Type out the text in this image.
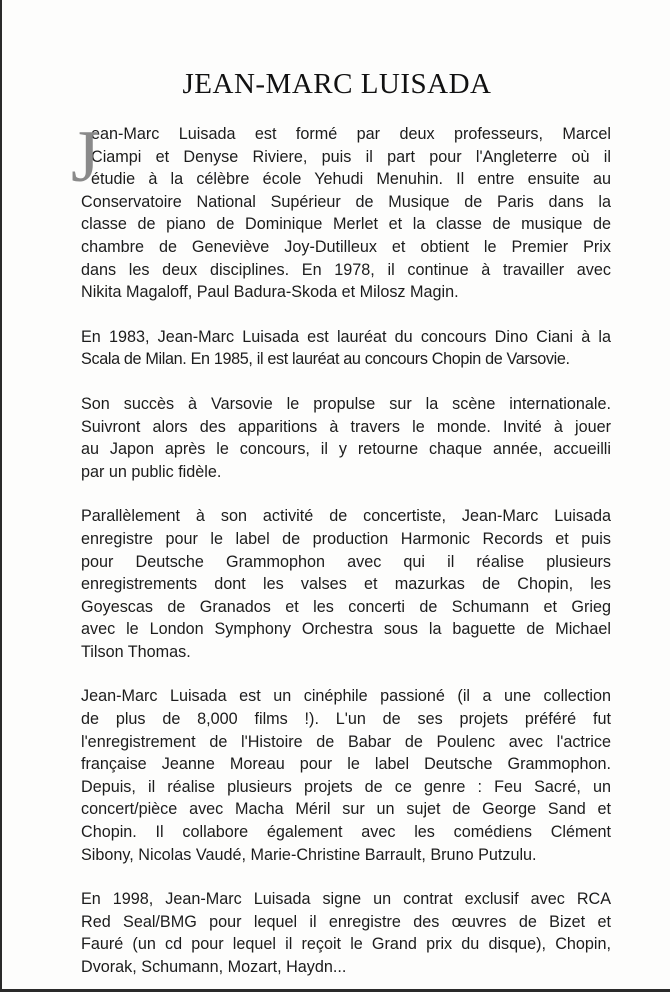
JEAN-MARC LUISADA
J
ean-Marc Luisada est formé par deux professeurs, Marcel
Ciampi et Denyse Riviere, puis il part pour l'Angleterre où il
étudie à la célèbre école Yehudi Menuhin. Il entre ensuite au
Conservatoire National Supérieur de Musique de Paris dans la
classe de piano de Dominique Merlet et la classe de musique de
chambre de Geneviève Joy-Dutilleux et obtient le Premier Prix
dans les deux disciplines. En 1978, il continue à travailler avec
Nikita Magaloff, Paul Badura-Skoda et Milosz Magin.
En 1983, Jean-Marc Luisada est lauréat du concours Dino Ciani à la
Scala de Milan. En 1985, il est lauréat au concours Chopin de Varsovie.
Son succès à Varsovie le propulse sur la scène internationale.
Suivront alors des apparitions à travers le monde. Invité à jouer
au Japon après le concours, il y retourne chaque année, accueilli
par un public fidèle.
Parallèlement à son activité de concertiste, Jean-Marc Luisada
enregistre pour le label de production Harmonic Records et puis
pour Deutsche Grammophon avec qui il réalise plusieurs
enregistrements dont les valses et mazurkas de Chopin, les
Goyescas de Granados et les concerti de Schumann et Grieg
avec le London Symphony Orchestra sous la baguette de Michael
Tilson Thomas.
Jean-Marc Luisada est un cinéphile passioné (il a une collection
de plus de 8,000 films !). L'un de ses projets préféré fut
l'enregistrement de l'Histoire de Babar de Poulenc avec l'actrice
française Jeanne Moreau pour le label Deutsche Grammophon.
Depuis, il réalise plusieurs projets de ce genre : Feu Sacré, un
concert/pièce avec Macha Méril sur un sujet de George Sand et
Chopin. Il collabore également avec les comédiens Clément
Sibony, Nicolas Vaudé, Marie-Christine Barrault, Bruno Putzulu.
En 1998, Jean-Marc Luisada signe un contrat exclusif avec RCA
Red Seal/BMG pour lequel il enregistre des œuvres de Bizet et
Fauré (un cd pour lequel il reçoit le Grand prix du disque), Chopin,
Dvorak, Schumann, Mozart, Haydn...
